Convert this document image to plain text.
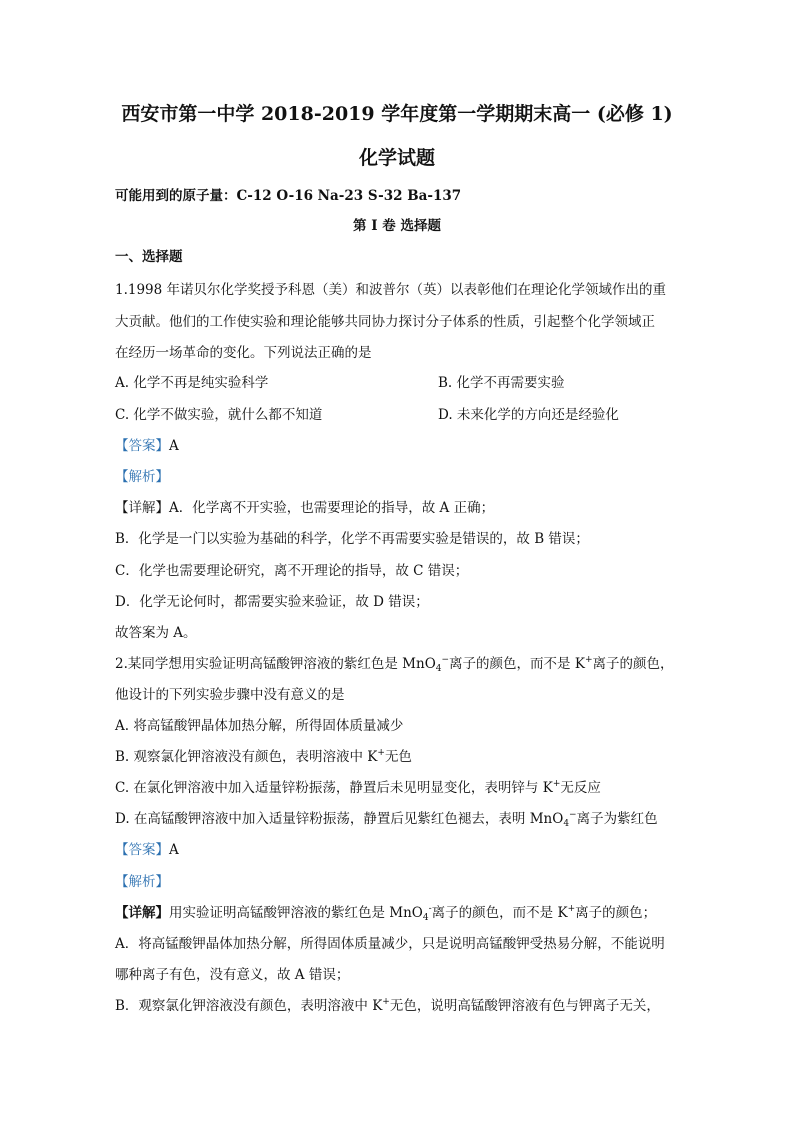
西安市第一中学 2018-2019 学年度第一学期期末高一 (必修 1)
化学试题
可能用到的原子量：C-12 O-16 Na-23 S-32 Ba-137
第 I 卷 选择题
一、选择题
1.1998 年诺贝尔化学奖授予科恩（美）和波普尔（英）以表彰他们在理论化学领域作出的重
大贡献。他们的工作使实验和理论能够共同协力探讨分子体系的性质，引起整个化学领域正
在经历一场革命的变化。下列说法正确的是
A. 化学不再是纯实验科学	B. 化学不再需要实验
C. 化学不做实验，就什么都不知道	D. 未来化学的方向还是经验化
【答案】A
【解析】
【详解】A．化学离不开实验，也需要理论的指导，故 A 正确；
B．化学是一门以实验为基础的科学，化学不再需要实验是错误的，故 B 错误；
C．化学也需要理论研究，离不开理论的指导，故 C 错误；
D．化学无论何时，都需要实验来验证，故 D 错误；
故答案为 A。
2.某同学想用实验证明高锰酸钾溶液的紫红色是 MnO$_4$−离子的颜色，而不是 K+离子的颜色，
他设计的下列实验步骤中没有意义的是
A. 将高锰酸钾晶体加热分解，所得固体质量减少
B. 观察氯化钾溶液没有颜色，表明溶液中 K+无色
C. 在氯化钾溶液中加入适量锌粉振荡，静置后未见明显变化，表明锌与 K+无反应
D. 在高锰酸钾溶液中加入适量锌粉振荡，静置后见紫红色褪去，表明 MnO$_4$−离子为紫红色
【答案】A
【解析】
【详解】用实验证明高锰酸钾溶液的紫红色是 MnO$_4$-离子的颜色，而不是 K+离子的颜色；
A．将高锰酸钾晶体加热分解，所得固体质量减少，只是说明高锰酸钾受热易分解，不能说明
哪种离子有色，没有意义，故 A 错误；
B．观察氯化钾溶液没有颜色，表明溶液中 K+无色，说明高锰酸钾溶液有色与钾离子无关，
